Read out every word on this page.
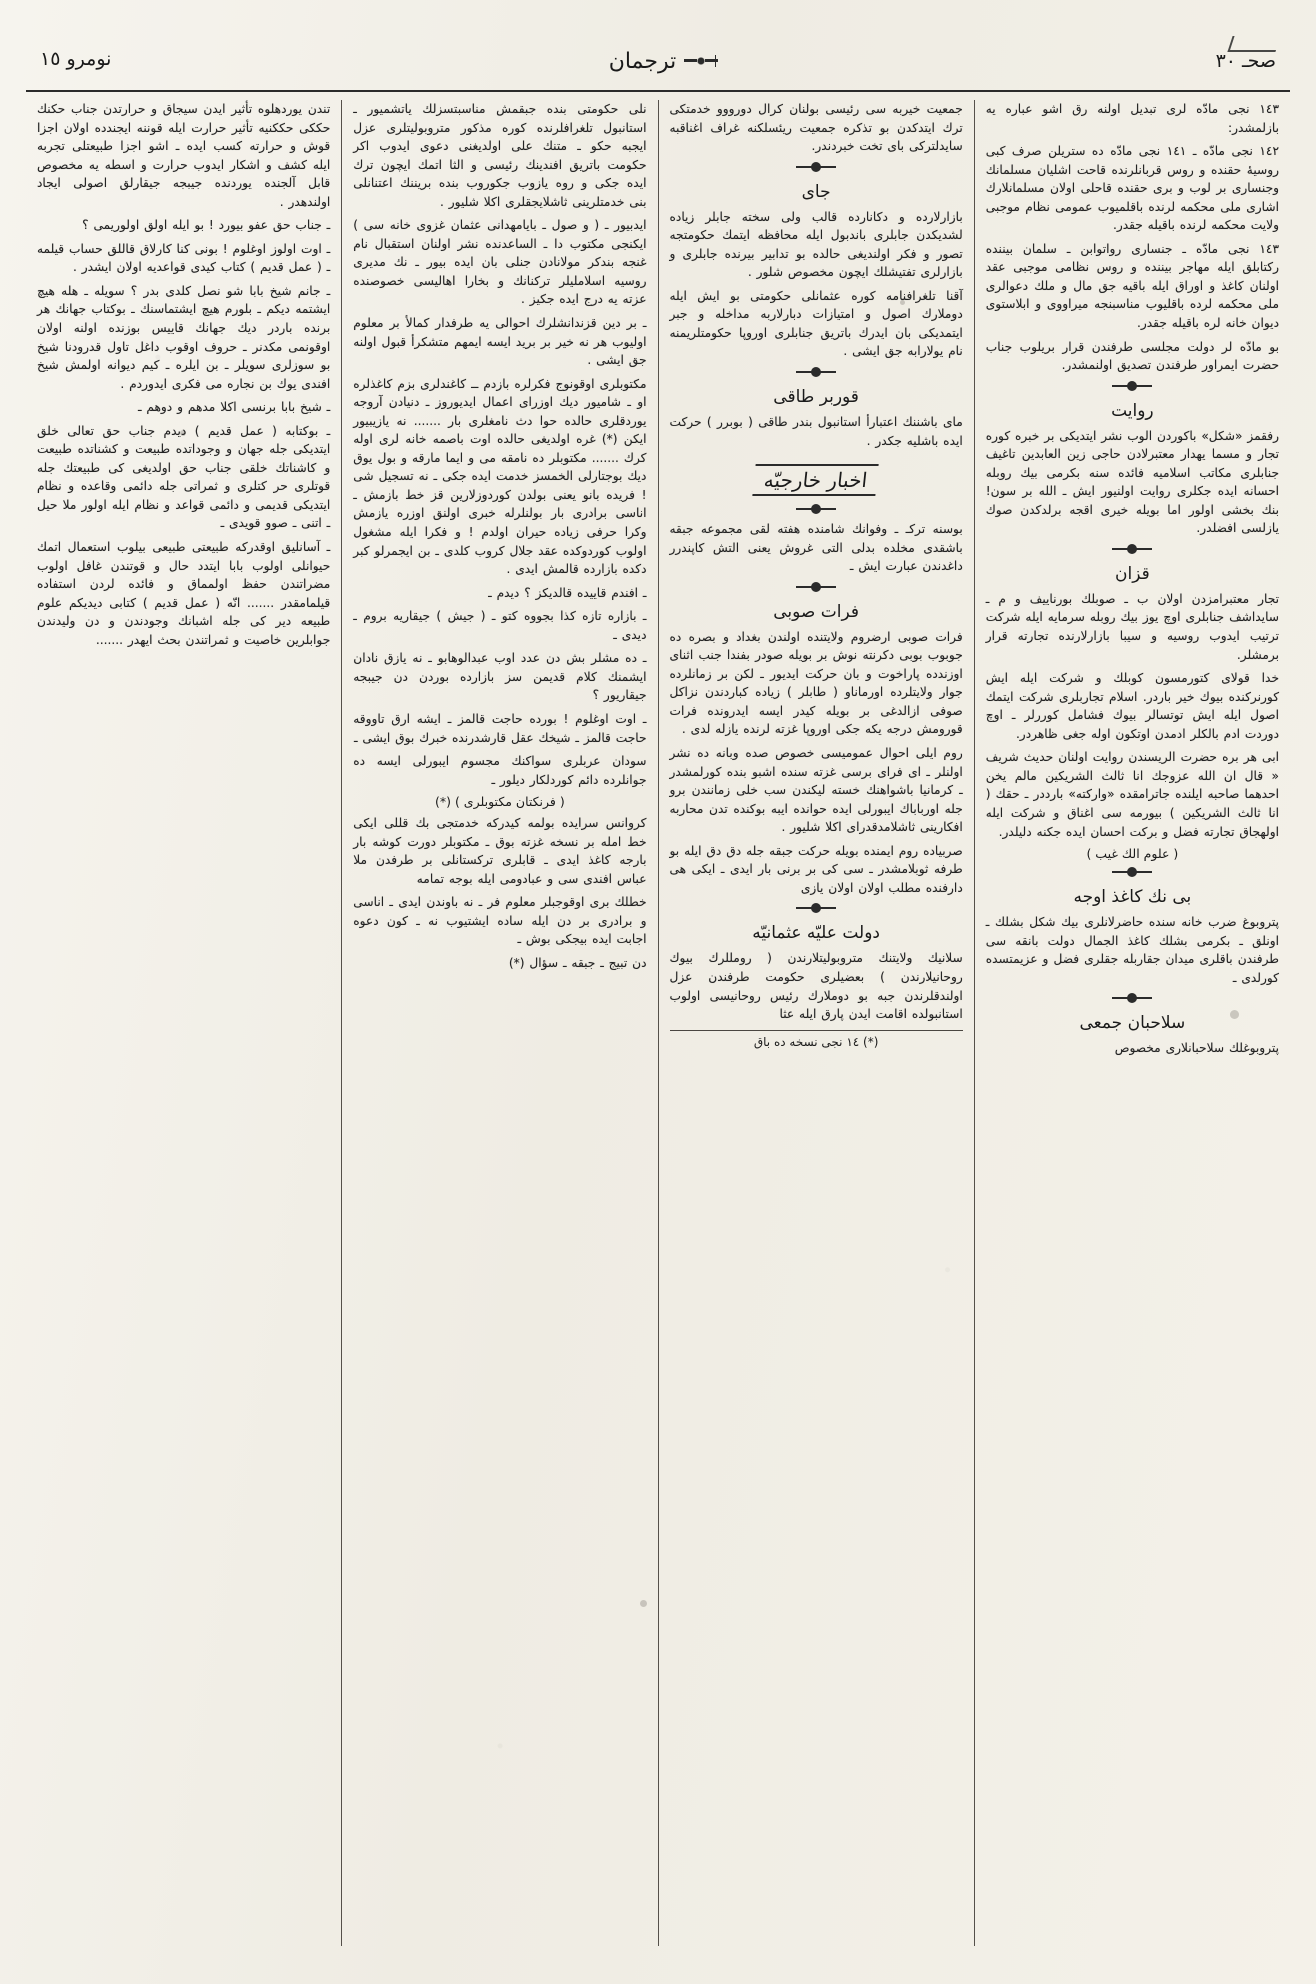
صحـ ٣٠
ترجمان
نومرو ١٥

١٤٣ نجی مادّه لری تبدیل اولنه رق اشو عباره یه بازلمشدر:

١٤٢ نجی مادّه ـ ١٤١ نجی مادّه ده ستریلن صرف کبی روسیهٔ حقنده و روس قربانلرنده قاحت اشلیان مسلمانك وجنسارى بر لوب و برى حقنده قاحلى اولان مسلمانلارك اشارى ملی محکمه لرنده باقلمیوب عمومی نظام موجبی ولایت محکمه لرنده باقیله جقدر.

١٤٣ نجی مادّه ـ جنسارى رواتوابن ـ سلمان بیننده رکتابلق ایله مهاجر بیننده و روس نظامی موجبی عقد اولنان کاغذ و اوراق ایله باقیه جق مال و ملك دعوالری ملی محکمه لرده باقلیوب مناسبنجه میراووی و ابلاستوی دیوان خانه لره باقیله جقدر.

بو مادّه لر دولت مجلسی طرفندن قرار بریلوب جناب حضرت ایمراور طرفندن تصدیق اولنمشدر.

روایت

رفقمز «شکل» باکوردن الوب نشر ایتدیکی بر خبره کوره تجار و مسما یهدار معتبرلادن حاجی زین العابدین تاغیف جنابلری مکاتب اسلامیه فائده سنه بکرمی بیك روبله احسانه ایده جکلری روایت اولنیور ایش ـ الله بر سون! بنك بخشی اولور اما بویله خیری اقجه برلدکدن صوك یازلسی افضلدر.

قزان

تجار معتبرامزدن اولان ب ـ صوبلك بورناییف و م ـ سایداشف جنابلری اوچ یوز بیك روبله سرمایه ایله شرکت ترتیب ایدوب روسیه و سیبا بازارلارنده تجارته قرار برمشلر.

خدا قولای کتورمسون کوبلك و شرکت ایله ایش کورنرکنده بیوك خیر باردر. اسلام تجاربلری شرکت ایتمك اصول ایله ایش توتسالر بیوك فشامل کوررلر ـ اوچ دوردت ادم بالکلر ادمدن اوتکون اوله جغی ظاهردر.

ابی هر بره حضرت الریسندن روایت اولنان حدیث شریف « قال ان الله عزوجك انا ثالث الشریکین مالم یخن احدهما صاحبه ایلنده جاترامقده «واركته» بارددر ـ حقك ( انا ثالث الشریکین ) بیورمه سی اغناق و شرکت ایله اولهجاق تجارته فضل و برکت احسان ایده جکنه دلیلدر.

( علوم الك غیب )
بی نك كاغذ اوجه

پتروبوغ ضرب خانه سنده حاضرلانلری بیك شكل بشلك ـ اونلق ـ بكرمی بشلك كاغذ الجمال دولت بانقه سی طرفندن باقلری میدان جقاربله جقلری فضل و عزیمتسده كورلدی ـ

سلاحبان جمعی

پتروبوغلك سلاحبانلاری مخصوص

جمعیت خیربه سی رئیسی بولنان كرال دورووو خدمتكی ترك ایتدكدن بو تذكره جمعیت ریئسلكنه غراف اغناقبه سایدلترکی بای تخت خبردندر.

جای

بازارلارده و دكانارده قالب ولی سخته جابلر زیاده لشدیكدن جابلری باندبول ایله محافظه ایتمك حكومتجه تصور و فكر اولندیغی حالده بو تدابیر بیرنده جابلری و بازارلری تفتیشلك ایچون مخصوص شلور .

آقنا تلغرافنامه كوره عثمانلی حكومتی بو ایش ایله دوملارك اصول و امتیازات دبارلاربه مداخله و جبر ایتمدیكی بان ایدرك باتریق جنابلری اوروپا حكومتلریمنه نام یولارابه جق ایشی .

قوربر طاقی

مای باشننك اعتبارأ استانبول بندر طاقی ( بوبرر ) حركت ایده باشلیه جكدر .

اخبار خارجیّه

بوسنه تركـ ـ وفوانك شامنده هفته لقی مجموعه جبقه باشقدی مخلده بدلی التی غروش یعنی التش كاپندرر داغدندن عبارت ایش ـ

فرات صوبی

فرات صوبی ارضروم ولایتنده اولندن بغداد و بصره ده جوبوب بوبی دكرنته نوش بر بویله صودر بفندا جنب اثنای اوزندده پاراخوت و بان حركت ایدیور ـ لكن بر زمانلرده جوار ولایتلرده اورماناو ( طابلر ) زیاده كباردندن نزاكل صوفی ازالدغی بر بویله كیدر ایسه ایدرونده فرات قورومش درجه یكه جكی اوروپا غزته لرنده یازله لدی .

روم ایلی احوال عموميسی خصوص صده وبانه ده نشر اولنلر ـ ای فرای برسی غزته سنده اشبو بنده كورلمشدر ـ كرمانیا باشواهنك خسته لیكندن سب خلی زمانندن برو جله اورباباك ایبورلى ایده حوانده ایبه بوكنده تدن محاربه افكارینی ثاشلامدقدرای اكلا شلیور .

صربیاده روم ایمنده بویله حركت جبقه جله دق دق ایله بو طرفه ثوبلامشدر ـ سی كی بر برنی بار ایدی ـ ایكی هی دارفنده مطلب اولان اولان یازی

دولت علیّه عثمانیّه

سلانیك ولایتنك متروبولیتلارندن ( رومللرك بیوك روحانیلارندن ) بعضیلری حكومت طرفندن عزل اولندقلرندن جبه بو دوملارك رئیس روحانیسی اولوب استانبولده اقامت ایدن پارق ایله عثا

(*) ١٤ نجی نسخه ده باق

نلی حكومتی بنده جبقمش مناسبتسزلك یاتشمیور ـ استانبول تلغرافلرنده كوره مذكور متروبولیتلری عزل ایجبه حكو ـ متنك علی اولدیغنی دعوی ایدوب اكر حكومت باتریق افندینك رئیسی و الثا اتمك ایچون ترك ایده جكی و روه یازوب جكوروب بنده بریننك اعتنانلی بنی خدمتلرینی ثاشلایجقلری اكلا شلیور .

ایدبیور ـ ( و صول ـ بایامهدانی عثمان غزوی خانه سی ) ایكنجی مكتوب دا ـ الساعدنده نشر اولنان استقبال نام غنجه بندكر مولانادن جنلی بان ایده بیور ـ نك مدیری روسیه اسلاملیلر تركنانك و بخارا اهالیسی خصوصنده عزته یه درج ایده جكیز .

ـ بر دین قزندانشلرك احوالی یه طرفدار كمالأ بر معلوم اولیوب هر نه خیر بر برید ایسه ایمهم متشكرأ قبول اولنه جق ایشی .

مكتوبلری اوقونوج فكرلره بازدم ــ كاغندلری بزم كاغذلره او ـ شامیور دیك اوزرای اعمال ایدیوروز ـ دنیادن آروجه یوردقلری حالده حوا دث نامغلری بار ....... نه یازیبیور ایكن (*) غره اولدیغی حالده اوت باصمه خانه لری اوله كرك ....... مكتوبلر ده نامقه می و ایما مارقه و بول یوق دیك بوجتارلى الخمسز خدمت ایده جكی ـ نه تسجیل شی ! فریده بانو یعنی بولدن كوردوزلارین قز خط بازمش ـ اناسی برادری بار بولنلرله خبری اولنق اوزره یازمش وكرا حرفی زیاده حیران اولدم ! و فكرا ایله مشغول اولوب كوردوكده عقد جلال كروب كلدی ـ بن ایجمرلو كبر دكده بازارده قالمش ایدی .

ـ افندم قاییده قالدیكز ؟ دیدم ـ

ـ بازاره تازه كذا بجووه كتو ـ ( جیش ) جیقاریه بروم ـ دیدی ـ

ـ ده مشلر بش دن عدد اوب عبدالوهابو ـ نه یازق نادان ایشمنك كلام قدیمن سز بازارده بوردن دن جیبجه جیقاریور ؟

ـ اوت اوغلوم ! بورده حاجت قالمز ـ ایشه ارق تاووقه حاجت قالمز ـ شیخك عقل قارشدرنده خبرك بوق ایشی ـ

سودان عربلری سواكنك مجسوم ایبورلی ایسه ده جوانلرده دائم كوردلكار دیلور ـ

( فرنكتان مكتوبلری ) (*)

كروانس سرایده بولمه كیدركه خدمتجی بك قللی ایكی خط امله بر نسخه غزته بوق ـ مكتوبلر دورت كوشه بار بارجه كاغذ ایدی ـ قابلری ترکستانلی بر طرفدن ملا عباس افندی سی و عبادومی ایله بوجه تمامه

خطلك بری اوقوجبلر معلوم فر ـ نه باوندن ایدی ـ اناسی و برادری بر دن ایله ساده ایشتیوب نه ـ كون دعوه اجابت ایده بیجكی بوش ـ

دن تبیج ـ جبقه ـ سؤال (*)

تندن یوردهلوه تأثیر ایدن سیجاق و حرارتدن جناب حكنك حككی حككنیه تأثیر حرارت ایله قوننه ایجندده اولان اجزا قوش و حرارته كسب ایده ـ اشو اجزا طبیعتلی تجربه ایله كشف و اشكار ایدوب حرارت و اسطه یه مخصوص قابل آلجنده یوردنده جیبجه جیقارلق اصولی ایجاد اولندهدر .

ـ جناب حق عفو بیورد ! بو ایله اولق اولوریمی ؟

ـ اوت اولوز اوغلوم ! بونی كنا كارلاق قاللق حساب قیلمه ـ ( عمل قدیم ) كتاب كیدی قواعدیه اولان ایشدر .

ـ جانم شیخ بابا شو نصل كلدی بدر ؟ سویله ـ هله هیچ ایشتمه دیكم ـ بلورم هیچ ایشتماسنك ـ بوكتاب جهانك هر برنده باردر دیك جهانك قاییس بوزنده اولنه اولان اوقونمی مكدنر ـ حروف اوقوب داغل تاول قدرودنا شیخ بو سوزلری سویلر ـ بن ایلره ـ كیم دیوانه اولمش شیخ افندی یوك بن نجاره می فكری ایدوردم .

ـ شیخ بابا برنسی اكلا مدهم و دوهم ـ

ـ بوكتابه ( عمل قدیم ) دیدم جناب حق تعالی خلق ایتدیكی جله جهان و وجوداتده طبیعت و كشناتده طبیعت و كاشناتك خلقی جناب حق اولدیغی كی طبیعتك جله قوتلری حر كتلری و ثمراتی جله دائمی وقاعده و نظام ایتدیكی قدیمی و دائمی قواعد و نظام ایله اولور ملا حیل ـ اتنی ـ صوو قویدی ـ

ـ آسانلیق اوقدركه طبیعتی طبیعی بیلوب استعمال اتمك حیوانلی اولوب بابا ایتدد حال و قوتندن غافل اولوب مضراتندن حفظ اولمماق و فائده لردن استفاده قیلمامقدر ....... انّه ( عمل قدیم ) كتابی دیدیكم علوم طبیعه دیر كی جله اشبانك وجودندن و دن ولیدندن جوابلرین خاصیت و ثمراتندن بحث ایهدر .......
